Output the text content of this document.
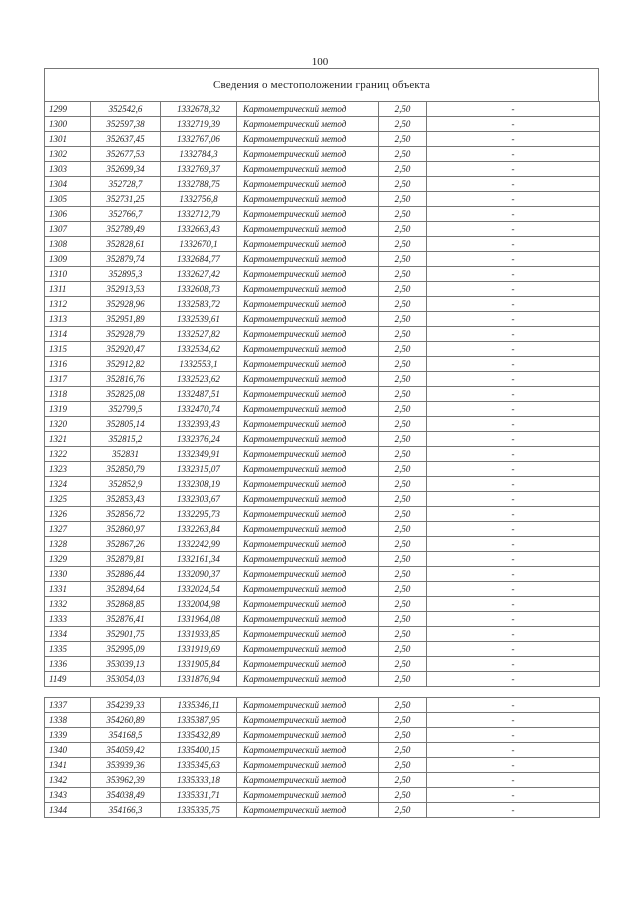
100
Сведения о местоположении границ объекта
1299	352542,6	1332678,32	Картометрический метод	2,50	-
1300	352597,38	1332719,39	Картометрический метод	2,50	-
1301	352637,45	1332767,06	Картометрический метод	2,50	-
1302	352677,53	1332784,3	Картометрический метод	2,50	-
1303	352699,34	1332769,37	Картометрический метод	2,50	-
1304	352728,7	1332788,75	Картометрический метод	2,50	-
1305	352731,25	1332756,8	Картометрический метод	2,50	-
1306	352766,7	1332712,79	Картометрический метод	2,50	-
1307	352789,49	1332663,43	Картометрический метод	2,50	-
1308	352828,61	1332670,1	Картометрический метод	2,50	-
1309	352879,74	1332684,77	Картометрический метод	2,50	-
1310	352895,3	1332627,42	Картометрический метод	2,50	-
1311	352913,53	1332608,73	Картометрический метод	2,50	-
1312	352928,96	1332583,72	Картометрический метод	2,50	-
1313	352951,89	1332539,61	Картометрический метод	2,50	-
1314	352928,79	1332527,82	Картометрический метод	2,50	-
1315	352920,47	1332534,62	Картометрический метод	2,50	-
1316	352912,82	1332553,1	Картометрический метод	2,50	-
1317	352816,76	1332523,62	Картометрический метод	2,50	-
1318	352825,08	1332487,51	Картометрический метод	2,50	-
1319	352799,5	1332470,74	Картометрический метод	2,50	-
1320	352805,14	1332393,43	Картометрический метод	2,50	-
1321	352815,2	1332376,24	Картометрический метод	2,50	-
1322	352831	1332349,91	Картометрический метод	2,50	-
1323	352850,79	1332315,07	Картометрический метод	2,50	-
1324	352852,9	1332308,19	Картометрический метод	2,50	-
1325	352853,43	1332303,67	Картометрический метод	2,50	-
1326	352856,72	1332295,73	Картометрический метод	2,50	-
1327	352860,97	1332263,84	Картометрический метод	2,50	-
1328	352867,26	1332242,99	Картометрический метод	2,50	-
1329	352879,81	1332161,34	Картометрический метод	2,50	-
1330	352886,44	1332090,37	Картометрический метод	2,50	-
1331	352894,64	1332024,54	Картометрический метод	2,50	-
1332	352868,85	1332004,98	Картометрический метод	2,50	-
1333	352876,41	1331964,08	Картометрический метод	2,50	-
1334	352901,75	1331933,85	Картометрический метод	2,50	-
1335	352995,09	1331919,69	Картометрический метод	2,50	-
1336	353039,13	1331905,84	Картометрический метод	2,50	-
1149	353054,03	1331876,94	Картометрический метод	2,50	-

1337	354239,33	1335346,11	Картометрический метод	2,50	-
1338	354260,89	1335387,95	Картометрический метод	2,50	-
1339	354168,5	1335432,89	Картометрический метод	2,50	-
1340	354059,42	1335400,15	Картометрический метод	2,50	-
1341	353939,36	1335345,63	Картометрический метод	2,50	-
1342	353962,39	1335333,18	Картометрический метод	2,50	-
1343	354038,49	1335331,71	Картометрический метод	2,50	-
1344	354166,3	1335335,75	Картометрический метод	2,50	-
